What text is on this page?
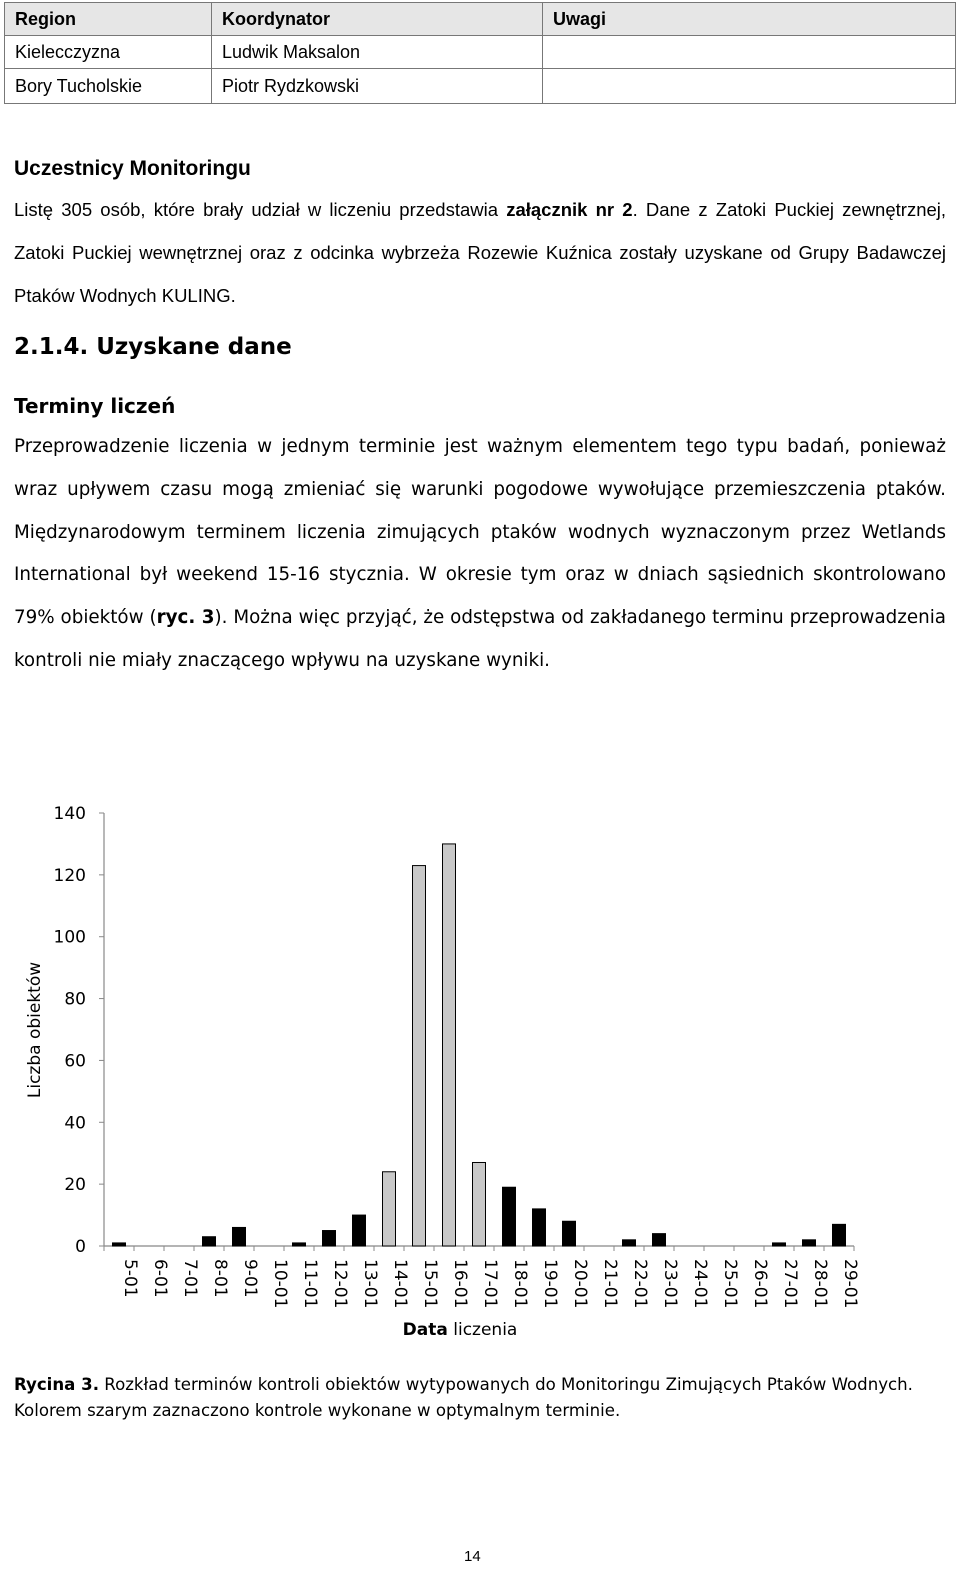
Region	Koordynator	Uwagi
Kielecczyzna	Ludwik Maksalon	
Bory Tucholskie	Piotr Rydzkowski	
Uczestnicy Monitoringu
Listę 305 osób, które brały udział w liczeniu przedstawia załącznik nr 2. Dane z Zatoki Puckiej zewnętrznej, Zatoki Puckiej wewnętrznej oraz z odcinka wybrzeża Rozewie Kuźnica zostały uzyskane od Grupy Badawczej Ptaków Wodnych KULING.
2.1.4. Uzyskane dane
Terminy liczeń
Przeprowadzenie liczenia w jednym terminie jest ważnym elementem tego typu badań, ponieważ wraz upływem czasu mogą zmieniać się warunki pogodowe wywołujące przemieszczenia ptaków. Międzynarodowym terminem liczenia zimujących ptaków wodnych wyznaczonym przez Wetlands International był weekend 15-16 stycznia. W okresie tym oraz w dniach sąsiednich skontrolowano 79% obiektów (ryc. 3). Można więc przyjąć, że odstępstwa od zakładanego terminu przeprowadzenia kontroli nie miały znaczącego wpływu na uzyskane wyniki.
0
20
40
60
80
100
120
140
5-01 6-01 7-01 8-01 9-01 10-01 11-01 12-01 13-01 14-01 15-01 16-01 17-01 18-01 19-01 20-01 21-01 22-01 23-01 24-01 25-01 26-01 27-01 28-01 29-01
Liczba obiektów
Data liczenia
Rycina 3. Rozkład terminów kontroli obiektów wytypowanych do Monitoringu Zimujących Ptaków Wodnych. Kolorem szarym zaznaczono kontrole wykonane w optymalnym terminie.
14
